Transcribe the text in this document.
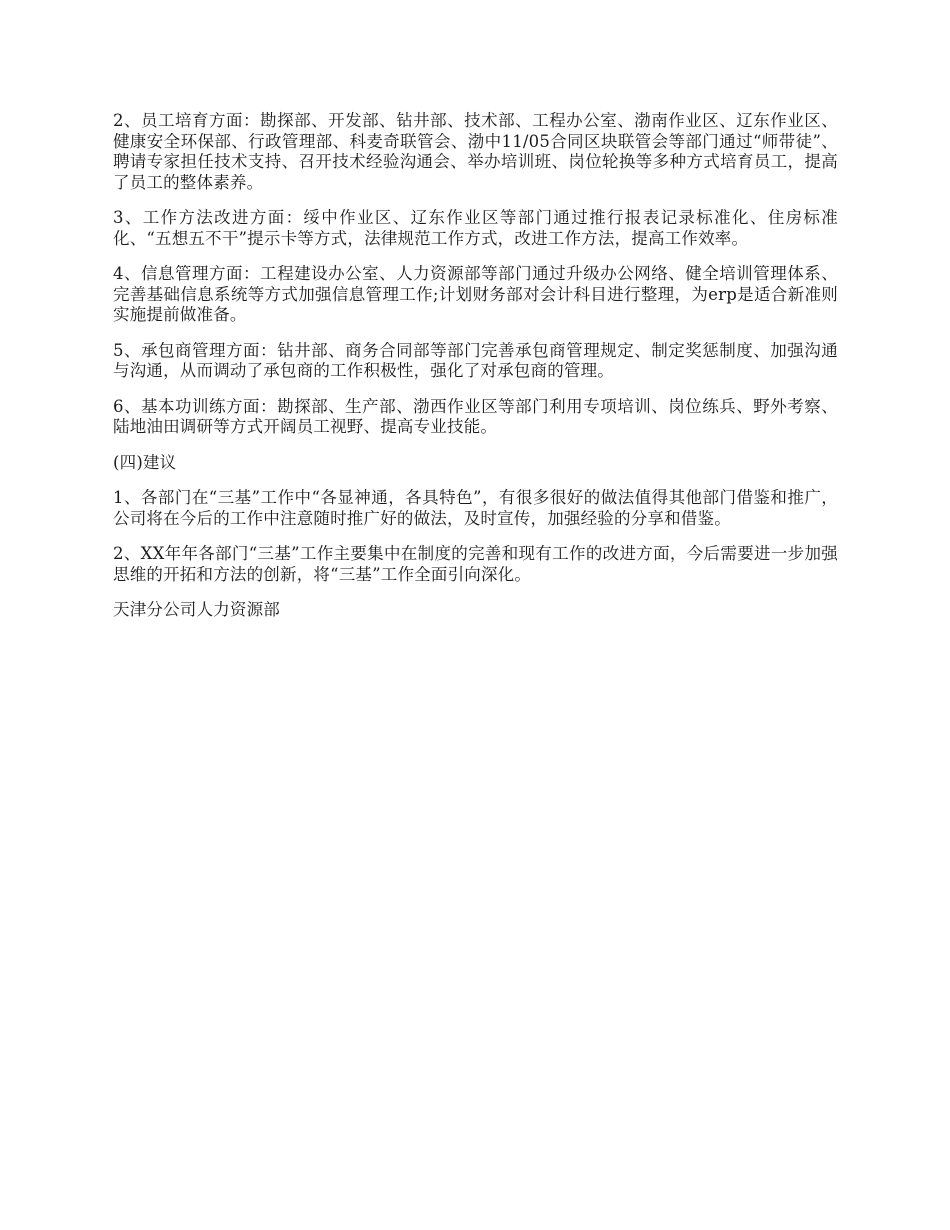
2、员工培育方面：勘探部、开发部、钻井部、技术部、工程办公室、渤南作业区、辽东作业区、健康安全环保部、行政管理部、科麦奇联管会、渤中11/05合同区块联管会等部门通过“师带徒”、聘请专家担任技术支持、召开技术经验沟通会、举办培训班、岗位轮换等多种方式培育员工，提高了员工的整体素养。

3、工作方法改进方面：绥中作业区、辽东作业区等部门通过推行报表记录标准化、住房标准化、“五想五不干”提示卡等方式，法律规范工作方式，改进工作方法，提高工作效率。

4、信息管理方面：工程建设办公室、人力资源部等部门通过升级办公网络、健全培训管理体系、完善基础信息系统等方式加强信息管理工作;计划财务部对会计科目进行整理，为erp是适合新准则实施提前做准备。

5、承包商管理方面：钻井部、商务合同部等部门完善承包商管理规定、制定奖惩制度、加强沟通与沟通，从而调动了承包商的工作积极性，强化了对承包商的管理。

6、基本功训练方面：勘探部、生产部、渤西作业区等部门利用专项培训、岗位练兵、野外考察、陆地油田调研等方式开阔员工视野、提高专业技能。

(四)建议

1、各部门在“三基”工作中“各显神通，各具特色”，有很多很好的做法值得其他部门借鉴和推广，公司将在今后的工作中注意随时推广好的做法，及时宣传，加强经验的分享和借鉴。

2、XX年年各部门“三基”工作主要集中在制度的完善和现有工作的改进方面，今后需要进一步加强思维的开拓和方法的创新，将“三基”工作全面引向深化。

天津分公司人力资源部
